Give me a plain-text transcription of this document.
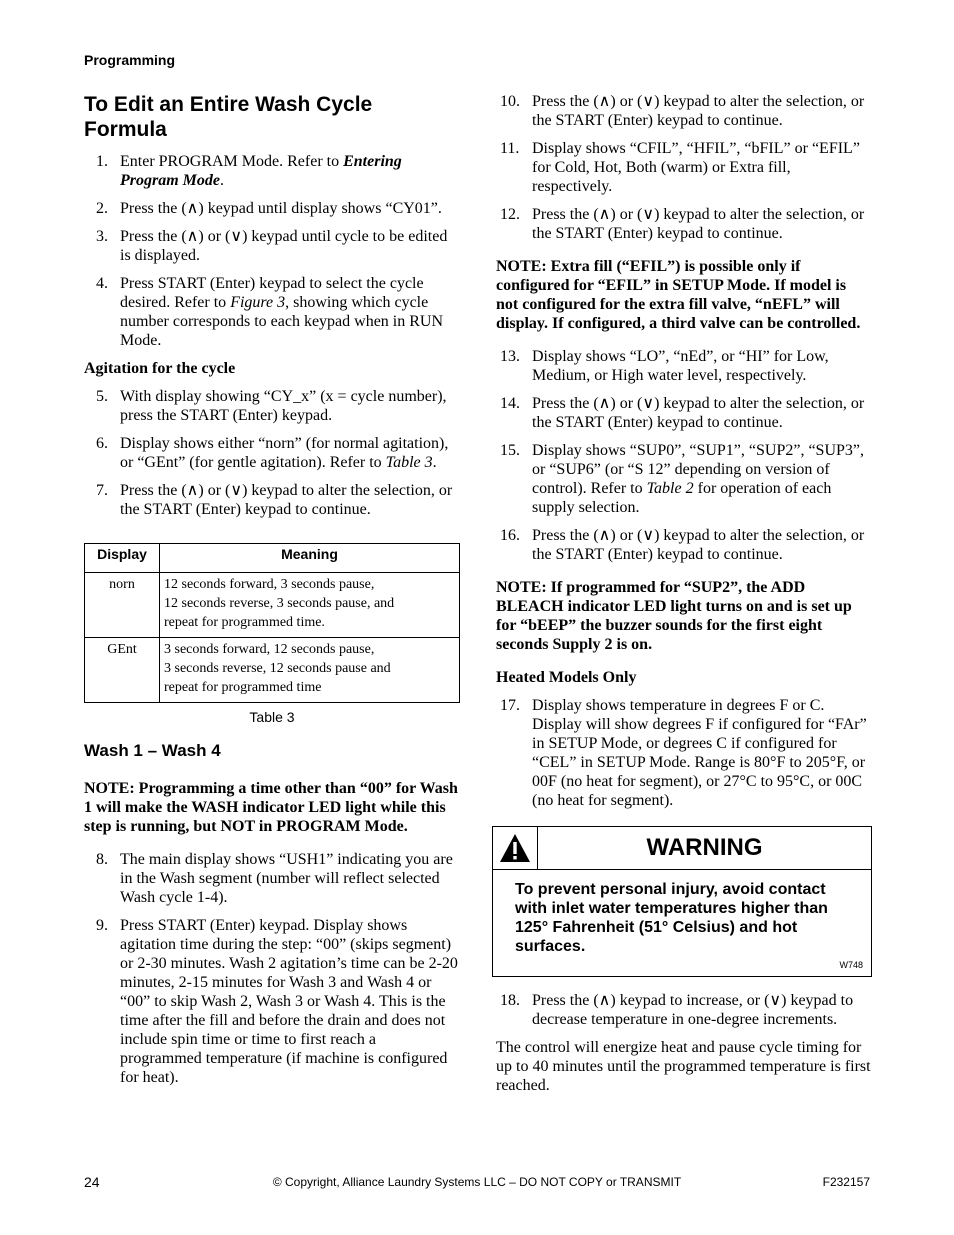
Programming
To Edit an Entire Wash Cycle Formula
1. Enter PROGRAM Mode. Refer to Entering Program Mode.
2. Press the (∧) keypad until display shows “CY01”.
3. Press the (∧) or (∨) keypad until cycle to be edited is displayed.
4. Press START (Enter) keypad to select the cycle desired. Refer to Figure 3, showing which cycle number corresponds to each keypad when in RUN Mode.
Agitation for the cycle
5. With display showing “CY_x” (x = cycle number), press the START (Enter) keypad.
6. Display shows either “norn” (for normal agitation), or “GEnt” (for gentle agitation). Refer to Table 3.
7. Press the (∧) or (∨) keypad to alter the selection, or the START (Enter) keypad to continue.
Display	Meaning
norn	12 seconds forward, 3 seconds pause,
12 seconds reverse, 3 seconds pause, and
repeat for programmed time.

GEnt	3 seconds forward, 12 seconds pause,
3 seconds reverse, 12 seconds pause and
repeat for programmed time
Table 3
Wash 1 – Wash 4
NOTE: Programming a time other than “00” for Wash 1 will make the WASH indicator LED light while this step is running, but NOT in PROGRAM Mode.
8. The main display shows “USH1” indicating you are in the Wash segment (number will reflect selected Wash cycle 1-4).
9. Press START (Enter) keypad. Display shows agitation time during the step: “00” (skips segment) or 2-30 minutes. Wash 2 agitation’s time can be 2-20 minutes, 2-15 minutes for Wash 3 and Wash 4 or “00” to skip Wash 2, Wash 3 or Wash 4. This is the time after the fill and before the drain and does not include spin time or time to first reach a programmed temperature (if machine is configured for heat).
10. Press the (∧) or (∨) keypad to alter the selection, or the START (Enter) keypad to continue.
11. Display shows “CFIL”, “HFIL”, “bFIL” or “EFIL” for Cold, Hot, Both (warm) or Extra fill, respectively.
12. Press the (∧) or (∨) keypad to alter the selection, or the START (Enter) keypad to continue.
NOTE: Extra fill (“EFIL”) is possible only if configured for “EFIL” in SETUP Mode. If model is not configured for the extra fill valve, “nEFL” will display. If configured, a third valve can be controlled.
13. Display shows “LO”, “nEd”, or “HI” for Low, Medium, or High water level, respectively.
14. Press the (∧) or (∨) keypad to alter the selection, or the START (Enter) keypad to continue.
15. Display shows “SUP0”, “SUP1”, “SUP2”, “SUP3”, or “SUP6” (or “S 12” depending on version of control). Refer to Table 2 for operation of each supply selection.
16. Press the (∧) or (∨) keypad to alter the selection, or the START (Enter) keypad to continue.
NOTE: If programmed for “SUP2”, the ADD BLEACH indicator LED light turns on and is set up for “bEEP” the buzzer sounds for the first eight seconds Supply 2 is on.
Heated Models Only
17. Display shows temperature in degrees F or C. Display will show degrees F if configured for “FAr” in SETUP Mode, or degrees C if configured for “CEL” in SETUP Mode. Range is 80°F to 205°F, or 00F (no heat for segment), or 27°C to 95°C, or 00C (no heat for segment).
WARNING
To prevent personal injury, avoid contact with inlet water temperatures higher than 125° Fahrenheit (51° Celsius) and hot surfaces.
W748
18. Press the (∧) keypad to increase, or (∨) keypad to decrease temperature in one-degree increments.
The control will energize heat and pause cycle timing for up to 40 minutes until the programmed temperature is first reached.
24	© Copyright, Alliance Laundry Systems LLC – DO NOT COPY or TRANSMIT	F232157
